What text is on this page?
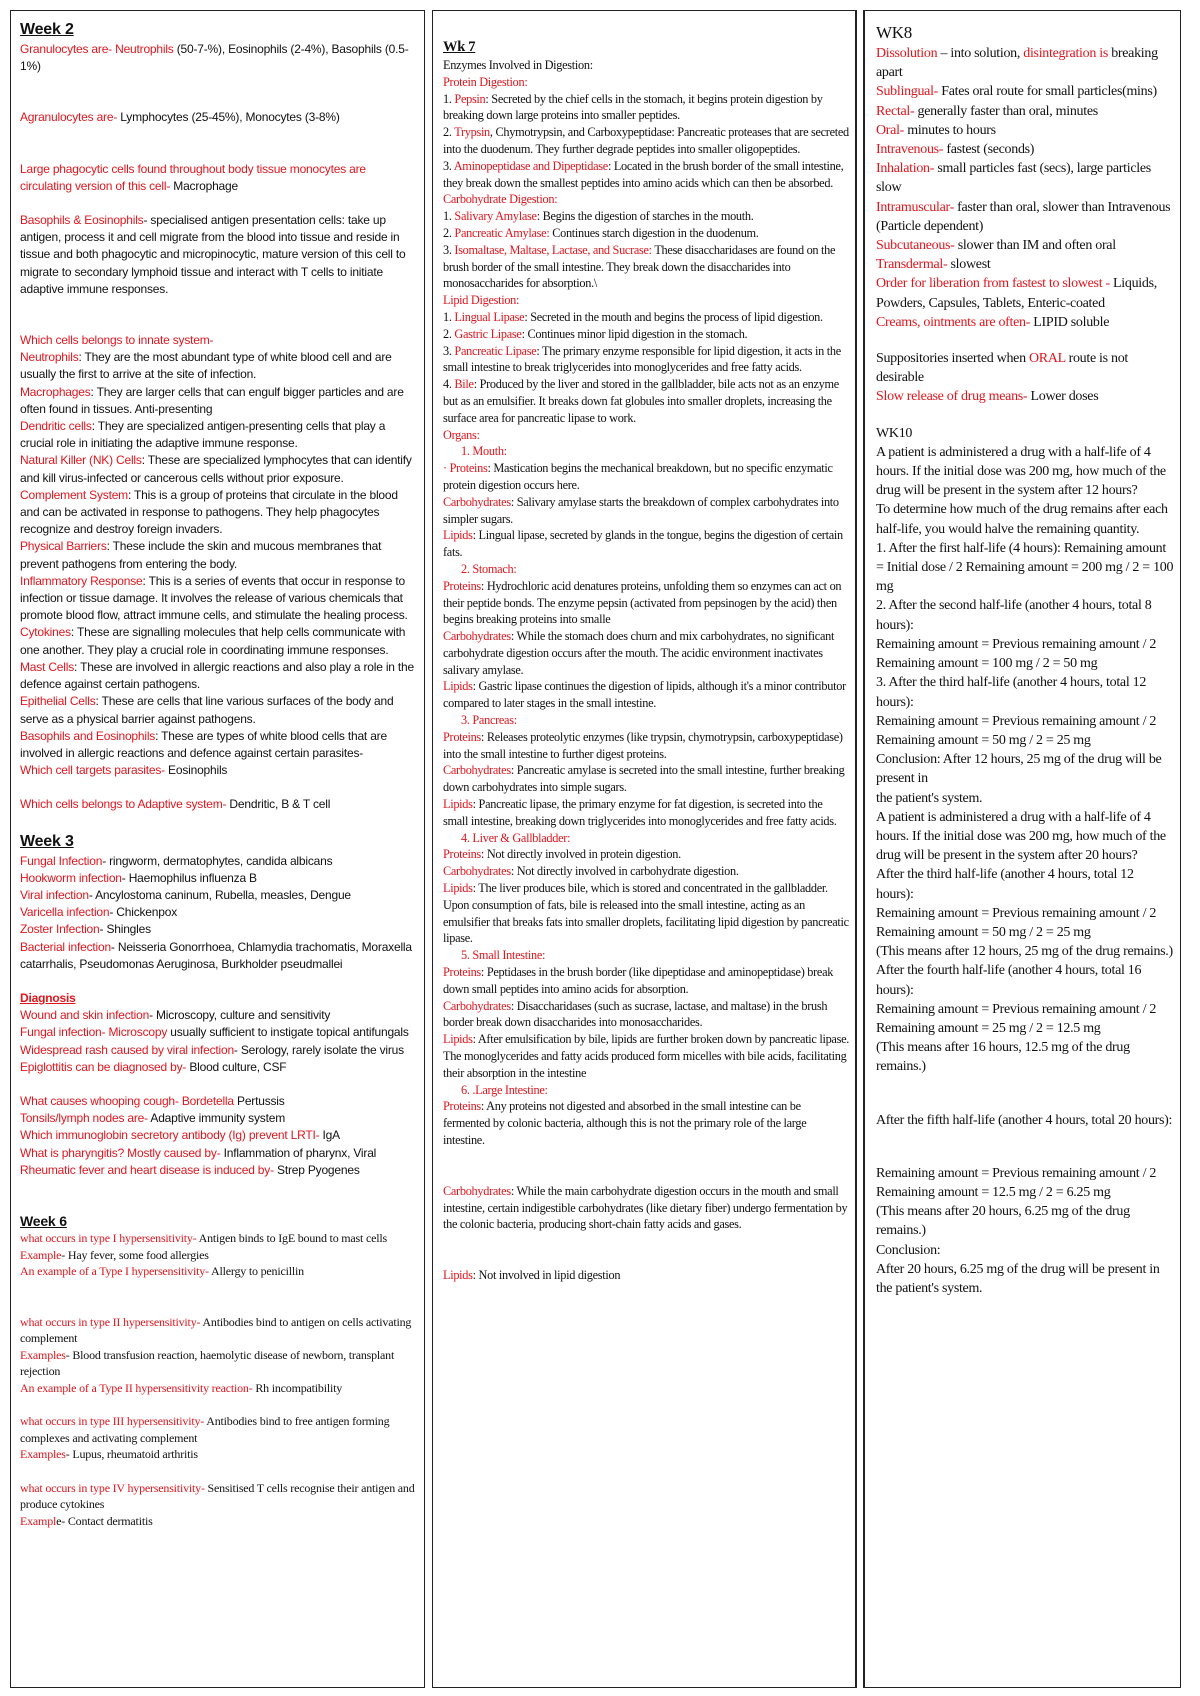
Week 2

Granulocytes are- Neutrophils (50-7-%), Eosinophils (2-4%), Basophils (0.5-1%)

Agranulocytes are- Lymphocytes (25-45%), Monocytes (3-8%)

Large phagocytic cells found throughout body tissue monocytes are circulating version of this cell- Macrophage

Basophils & Eosinophils- specialised antigen presentation cells: take up antigen, process it and cell migrate from the blood into tissue and reside in tissue and both phagocytic and micropinocytic, mature version of this cell to migrate to secondary lymphoid tissue and interact with T cells to initiate adaptive immune responses.

Which cells belongs to innate system-

Neutrophils: They are the most abundant type of white blood cell and are usually the first to arrive at the site of infection.

Macrophages: They are larger cells that can engulf bigger particles and are often found in tissues. Anti-presenting

Dendritic cells: They are specialized antigen-presenting cells that play a crucial role in initiating the adaptive immune response.

Natural Killer (NK) Cells: These are specialized lymphocytes that can identify and kill virus-infected or cancerous cells without prior exposure.

Complement System: This is a group of proteins that circulate in the blood and can be activated in response to pathogens. They help phagocytes recognize and destroy foreign invaders.

Physical Barriers: These include the skin and mucous membranes that prevent pathogens from entering the body.

Inflammatory Response: This is a series of events that occur in response to infection or tissue damage. It involves the release of various chemicals that promote blood flow, attract immune cells, and stimulate the healing process.

Cytokines: These are signalling molecules that help cells communicate with one another. They play a crucial role in coordinating immune responses.

Mast Cells: These are involved in allergic reactions and also play a role in the defence against certain pathogens.

Epithelial Cells: These are cells that line various surfaces of the body and serve as a physical barrier against pathogens.

Basophils and Eosinophils: These are types of white blood cells that are involved in allergic reactions and defence against certain parasites-

Which cell targets parasites- Eosinophils

Which cells belongs to Adaptive system- Dendritic, B & T cell

Week 3

Fungal Infection- ringworm, dermatophytes, candida albicans

Hookworm infection- Haemophilus influenza B

Viral infection- Ancylostoma caninum, Rubella, measles, Dengue

Varicella infection- Chickenpox

Zoster Infection- Shingles

Bacterial infection- Neisseria Gonorrhoea, Chlamydia trachomatis, Moraxella catarrhalis, Pseudomonas Aeruginosa, Burkholder pseudmallei

Diagnosis

Wound and skin infection- Microscopy, culture and sensitivity

Fungal infection- Microscopy usually sufficient to instigate topical antifungals

Widespread rash caused by viral infection- Serology, rarely isolate the virus

Epiglottitis can be diagnosed by- Blood culture, CSF

What causes whooping cough- Bordetella Pertussis

Tonsils/lymph nodes are- Adaptive immunity system

Which immunoglobin secretory antibody (Ig) prevent LRTI- IgA

What is pharyngitis? Mostly caused by- Inflammation of pharynx, Viral

Rheumatic fever and heart disease is induced by- Strep Pyogenes

Week 6

what occurs in type I hypersensitivity- Antigen binds to IgE bound to mast cells

Example- Hay fever, some food allergies

An example of a Type I hypersensitivity- Allergy to penicillin

what occurs in type II hypersensitivity- Antibodies bind to antigen on cells activating complement

Examples- Blood transfusion reaction, haemolytic disease of newborn, transplant rejection

An example of a Type II hypersensitivity reaction- Rh incompatibility

what occurs in type III hypersensitivity- Antibodies bind to free antigen forming complexes and activating complement

Examples- Lupus, rheumatoid arthritis

what occurs in type IV hypersensitivity- Sensitised T cells recognise their antigen and produce cytokines

Example- Contact dermatitis

Wk 7

Enzymes Involved in Digestion:

Protein Digestion:

1. Pepsin: Secreted by the chief cells in the stomach, it begins protein digestion by breaking down large proteins into smaller peptides.

2. Trypsin, Chymotrypsin, and Carboxypeptidase: Pancreatic proteases that are secreted into the duodenum. They further degrade peptides into smaller oligopeptides.

3. Aminopeptidase and Dipeptidase: Located in the brush border of the small intestine, they break down the smallest peptides into amino acids which can then be absorbed.

Carbohydrate Digestion:

1. Salivary Amylase: Begins the digestion of starches in the mouth.

2. Pancreatic Amylase: Continues starch digestion in the duodenum.

3. Isomaltase, Maltase, Lactase, and Sucrase: These disaccharidases are found on the brush border of the small intestine. They break down the disaccharides into monosaccharides for absorption.\

Lipid Digestion:

1. Lingual Lipase: Secreted in the mouth and begins the process of lipid digestion.

2. Gastric Lipase: Continues minor lipid digestion in the stomach.

3. Pancreatic Lipase: The primary enzyme responsible for lipid digestion, it acts in the small intestine to break triglycerides into monoglycerides and free fatty acids.

4. Bile: Produced by the liver and stored in the gallbladder, bile acts not as an enzyme but as an emulsifier. It breaks down fat globules into smaller droplets, increasing the surface area for pancreatic lipase to work.

Organs:

1. Mouth:

· Proteins: Mastication begins the mechanical breakdown, but no specific enzymatic protein digestion occurs here.

Carbohydrates: Salivary amylase starts the breakdown of complex carbohydrates into simpler sugars.

Lipids: Lingual lipase, secreted by glands in the tongue, begins the digestion of certain fats.

2. Stomach:

Proteins: Hydrochloric acid denatures proteins, unfolding them so enzymes can act on their peptide bonds. The enzyme pepsin (activated from pepsinogen by the acid) then begins breaking proteins into smalle

Carbohydrates: While the stomach does churn and mix carbohydrates, no significant carbohydrate digestion occurs after the mouth. The acidic environment inactivates salivary amylase.

Lipids: Gastric lipase continues the digestion of lipids, although it's a minor contributor compared to later stages in the small intestine.

3. Pancreas:

Proteins: Releases proteolytic enzymes (like trypsin, chymotrypsin, carboxypeptidase) into the small intestine to further digest proteins.

Carbohydrates: Pancreatic amylase is secreted into the small intestine, further breaking down carbohydrates into simple sugars.

Lipids: Pancreatic lipase, the primary enzyme for fat digestion, is secreted into the small intestine, breaking down triglycerides into monoglycerides and free fatty acids.

4. Liver & Gallbladder:

Proteins: Not directly involved in protein digestion.

Carbohydrates: Not directly involved in carbohydrate digestion.

Lipids: The liver produces bile, which is stored and concentrated in the gallbladder. Upon consumption of fats, bile is released into the small intestine, acting as an emulsifier that breaks fats into smaller droplets, facilitating lipid digestion by pancreatic lipase.

5. Small Intestine:

Proteins: Peptidases in the brush border (like dipeptidase and aminopeptidase) break down small peptides into amino acids for absorption.

Carbohydrates: Disaccharidases (such as sucrase, lactase, and maltase) in the brush border break down disaccharides into monosaccharides.

Lipids: After emulsification by bile, lipids are further broken down by pancreatic lipase. The monoglycerides and fatty acids produced form micelles with bile acids, facilitating their absorption in the intestine

6. .Large Intestine:

Proteins: Any proteins not digested and absorbed in the small intestine can be fermented by colonic bacteria, although this is not the primary role of the large intestine.

Carbohydrates: While the main carbohydrate digestion occurs in the mouth and small intestine, certain indigestible carbohydrates (like dietary fiber) undergo fermentation by the colonic bacteria, producing short-chain fatty acids and gases.

Lipids: Not involved in lipid digestion

WK8

Dissolution – into solution, disintegration is breaking apart

Sublingual- Fates oral route for small particles(mins)

Rectal- generally faster than oral, minutes

Oral- minutes to hours

Intravenous- fastest (seconds)

Inhalation- small particles fast (secs), large particles slow

Intramuscular- faster than oral, slower than Intravenous (Particle dependent)

Subcutaneous- slower than IM and often oral

Transdermal- slowest

Order for liberation from fastest to slowest - Liquids, Powders, Capsules, Tablets, Enteric-coated

Creams, ointments are often- LIPID soluble

Suppositories inserted when ORAL route is not desirable

Slow release of drug means- Lower doses

WK10

A patient is administered a drug with a half-life of 4 hours. If the initial dose was 200 mg, how much of the drug will be present in the system after 12 hours?

To determine how much of the drug remains after each half-life, you would halve the remaining quantity.

1. After the first half-life (4 hours): Remaining amount = Initial dose / 2 Remaining amount = 200 mg / 2 = 100 mg

2. After the second half-life (another 4 hours, total 8 hours):

Remaining amount = Previous remaining amount / 2 Remaining amount = 100 mg / 2 = 50 mg

3. After the third half-life (another 4 hours, total 12 hours):

Remaining amount = Previous remaining amount / 2

Remaining amount = 50 mg / 2 = 25 mg

Conclusion: After 12 hours, 25 mg of the drug will be present in

the patient's system.

A patient is administered a drug with a half-life of 4 hours. If the initial dose was 200 mg, how much of the drug will be present in the system after 20 hours?

After the third half-life (another 4 hours, total 12 hours):

Remaining amount = Previous remaining amount / 2

Remaining amount = 50 mg / 2 = 25 mg

(This means after 12 hours, 25 mg of the drug remains.)

After the fourth half-life (another 4 hours, total 16 hours):

Remaining amount = Previous remaining amount / 2

Remaining amount = 25 mg / 2 = 12.5 mg

(This means after 16 hours, 12.5 mg of the drug remains.)

After the fifth half-life (another 4 hours, total 20 hours):

Remaining amount = Previous remaining amount / 2

Remaining amount = 12.5 mg / 2 = 6.25 mg

(This means after 20 hours, 6.25 mg of the drug remains.)

Conclusion:

After 20 hours, 6.25 mg of the drug will be present in the patient's system.
